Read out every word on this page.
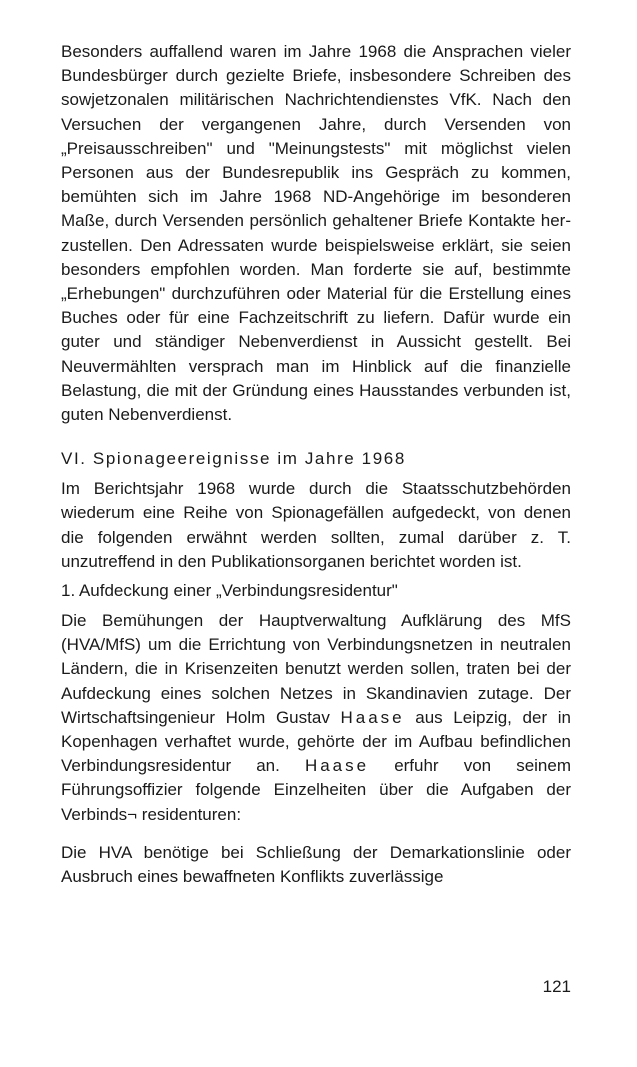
Besonders auffallend waren im Jahre 1968 die Ansprachen vieler Bundesbürger durch gezielte Briefe, insbesondere Schreiben des sowjetzonalen militärischen Nachrichtendienstes VfK. Nach den Versuchen der vergangenen Jahre, durch Versenden von „Preisausschreiben" und "Meinungstests" mit möglichst vielen Personen aus der Bundesrepublik ins Gespräch zu kommen, bemühten sich im Jahre 1968 ND-Angehörige im besonderen Maße, durch Versenden persönlich gehaltener Briefe Kontakte herzustellen. Den Adressaten wurde beispielsweise erklärt, sie seien besonders empfohlen worden. Man forderte sie auf, bestimmte „Erhebungen" durchzuführen oder Material für die Erstellung eines Buches oder für eine Fachzeitschrift zu liefern. Dafür wurde ein guter und ständiger Nebenverdienst in Aussicht gestellt. Bei Neuvermählten versprach man im Hinblick auf die finanzielle Belastung, die mit der Gründung eines Hausstandes verbunden ist, guten Nebenverdienst.

VI. Spionageereignisse im Jahre 1968

Im Berichtsjahr 1968 wurde durch die Staatsschutzbehörden wiederum eine Reihe von Spionagefällen aufgedeckt, von denen die folgenden erwähnt werden sollten, zumal darüber z. T. unzutreffend in den Publikationsorganen berichtet worden ist.

1. Aufdeckung einer „Verbindungsresidentur"

Die Bemühungen der Hauptverwaltung Aufklärung des MfS (HVA/MfS) um die Errichtung von Verbindungsnetzen in neutralen Ländern, die in Krisenzeiten benutzt werden sollen, traten bei der Aufdeckung eines solchen Netzes in Skandinavien zutage. Der Wirtschaftsingenieur Holm Gustav Haase aus Leipzig, der in Kopenhagen verhaftet wurde, gehörte der im Aufbau befindlichen Verbindungsresidentur an. Haase erfuhr von seinem Führungsoffizier folgende Einzelheiten über die Aufgaben der Verbinds¬ residenturen:

Die HVA benötige bei Schließung der Demarkationslinie oder Ausbruch eines bewaffneten Konflikts zuverlässige

121
